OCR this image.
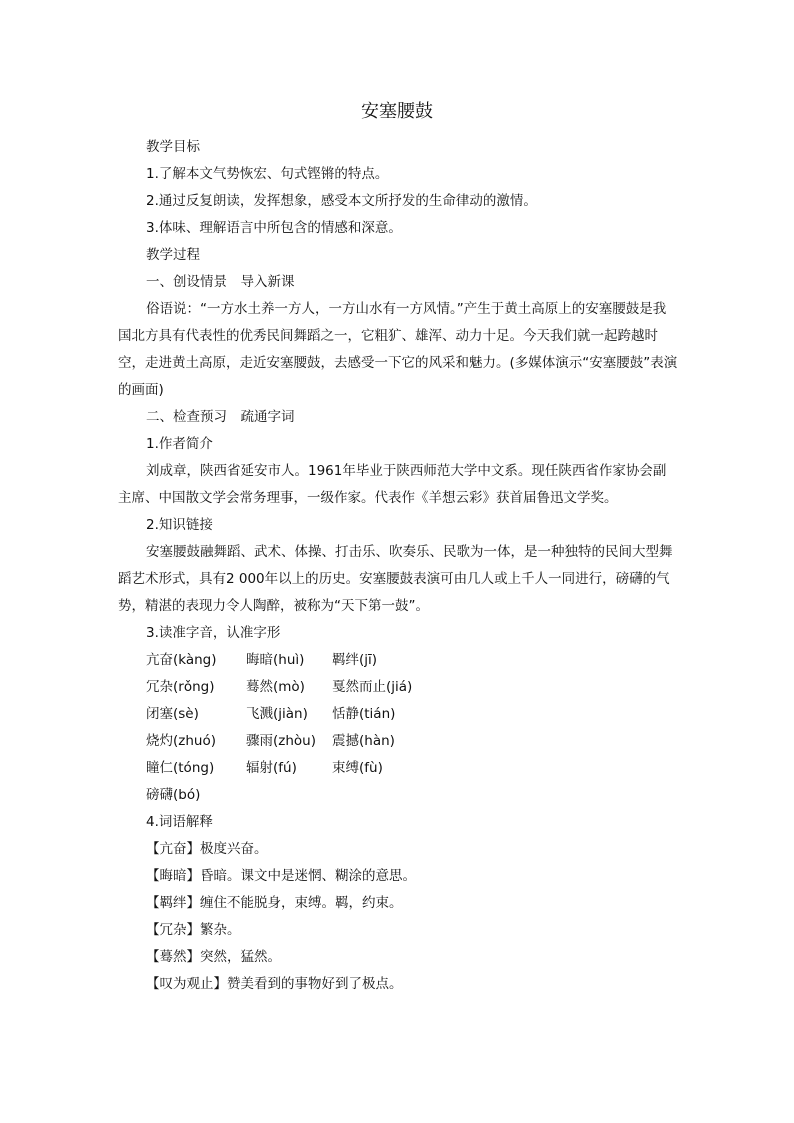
安塞腰鼓

教学目标

1.了解本文气势恢宏、句式铿锵的特点。

2.通过反复朗读，发挥想象，感受本文所抒发的生命律动的激情。

3.体味、理解语言中所包含的情感和深意。

教学过程

一、创设情景　导入新课

俗语说：“一方水土养一方人，一方山水有一方风情。”产生于黄土高原上的安塞腰鼓是我国北方具有代表性的优秀民间舞蹈之一，它粗犷、雄浑、动力十足。今天我们就一起跨越时空，走进黄土高原，走近安塞腰鼓，去感受一下它的风采和魅力。(多媒体演示“安塞腰鼓”表演的画面)

二、检查预习　疏通字词

1.作者简介

刘成章，陕西省延安市人。1961年毕业于陕西师范大学中文系。现任陕西省作家协会副主席、中国散文学会常务理事，一级作家。代表作《羊想云彩》获首届鲁迅文学奖。

2.知识链接

安塞腰鼓融舞蹈、武术、体操、打击乐、吹奏乐、民歌为一体，是一种独特的民间大型舞蹈艺术形式，具有2 000年以上的历史。安塞腰鼓表演可由几人或上千人一同进行，磅礴的气势，精湛的表现力令人陶醉，被称为“天下第一鼓”。

3.读准字音，认准字形

亢奋(kàng)	晦暗(huì)	羁绊(jī)
冗杂(rǒng)	蓦然(mò)	戛然而止(jiá)
闭塞(sè)	飞溅(jiàn)	恬静(tián)
烧灼(zhuó)	骤雨(zhòu)	震撼(hàn)
瞳仁(tóng)	辐射(fú)	束缚(fù)
磅礴(bó)

4.词语解释

【亢奋】极度兴奋。

【晦暗】昏暗。课文中是迷惘、糊涂的意思。

【羁绊】缠住不能脱身，束缚。羁，约束。

【冗杂】繁杂。

【蓦然】突然，猛然。

【叹为观止】赞美看到的事物好到了极点。
